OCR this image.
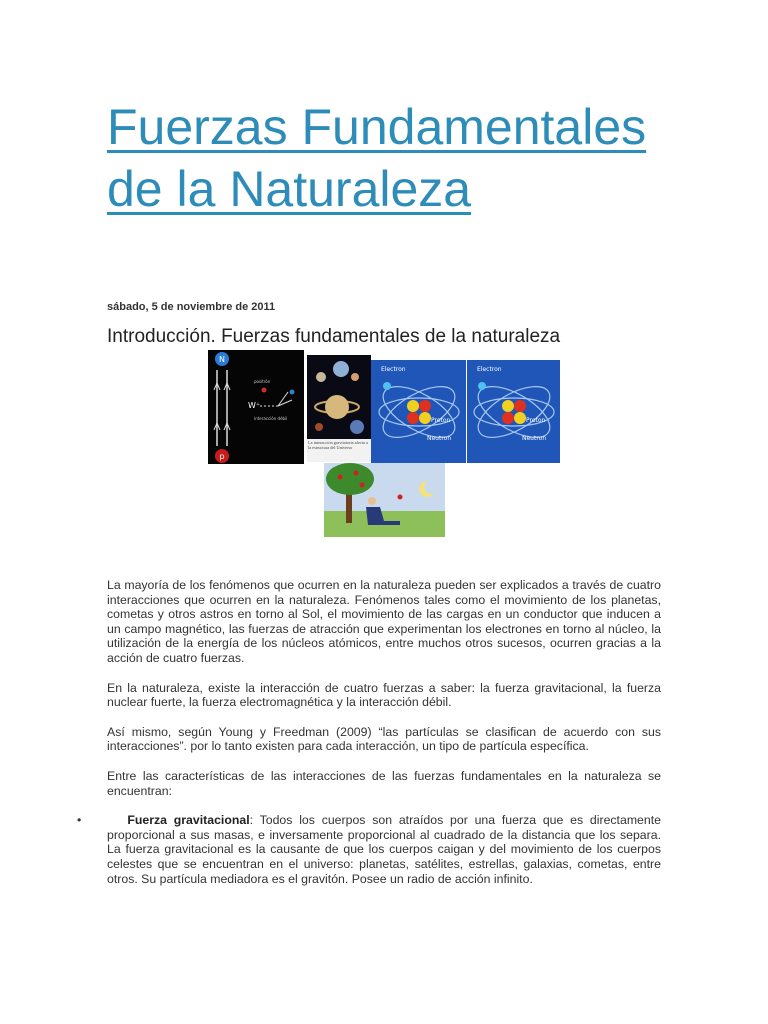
Fuerzas Fundamentales de la Naturaleza
sábado, 5 de noviembre de 2011
Introducción. Fuerzas fundamentales de la naturaleza
N
p
W⁺
positrón
interacción débil
La interacción gravitatoria afecta a la estructura del Universo
Electron
Proton
Neutron
Electron
Proton
Neutron

La mayoría de los fenómenos que ocurren en la naturaleza pueden ser explicados a través de cuatro interacciones que ocurren en la naturaleza. Fenómenos tales como el movimiento de los planetas, cometas y otros astros en torno al Sol, el movimiento de las cargas en un conductor que inducen a un campo magnético, las fuerzas de atracción que experimentan los electrones en torno al núcleo, la utilización de la energía de los núcleos atómicos, entre muchos otros sucesos, ocurren gracias a la acción de cuatro fuerzas.

En la naturaleza, existe la interacción de cuatro fuerzas a saber: la fuerza gravitacional, la fuerza nuclear fuerte, la fuerza electromagnética y la interacción débil.

Así mismo, según Young y Freedman (2009) “las partículas se clasifican de acuerdo con sus interacciones”. por lo tanto existen para cada interacción, un tipo de partícula específica.

Entre las características de las interacciones de las fuerzas fundamentales en la naturaleza se encuentran:

•	Fuerza gravitacional: Todos los cuerpos son atraídos por una fuerza que es directamente proporcional a sus masas, e inversamente proporcional al cuadrado de la distancia que los separa. La fuerza gravitacional es la causante de que los cuerpos caigan y del movimiento de los cuerpos celestes que se encuentran en el universo: planetas, satélites, estrellas, galaxias, cometas, entre otros. Su partícula mediadora es el gravitón. Posee un radio de acción infinito.
